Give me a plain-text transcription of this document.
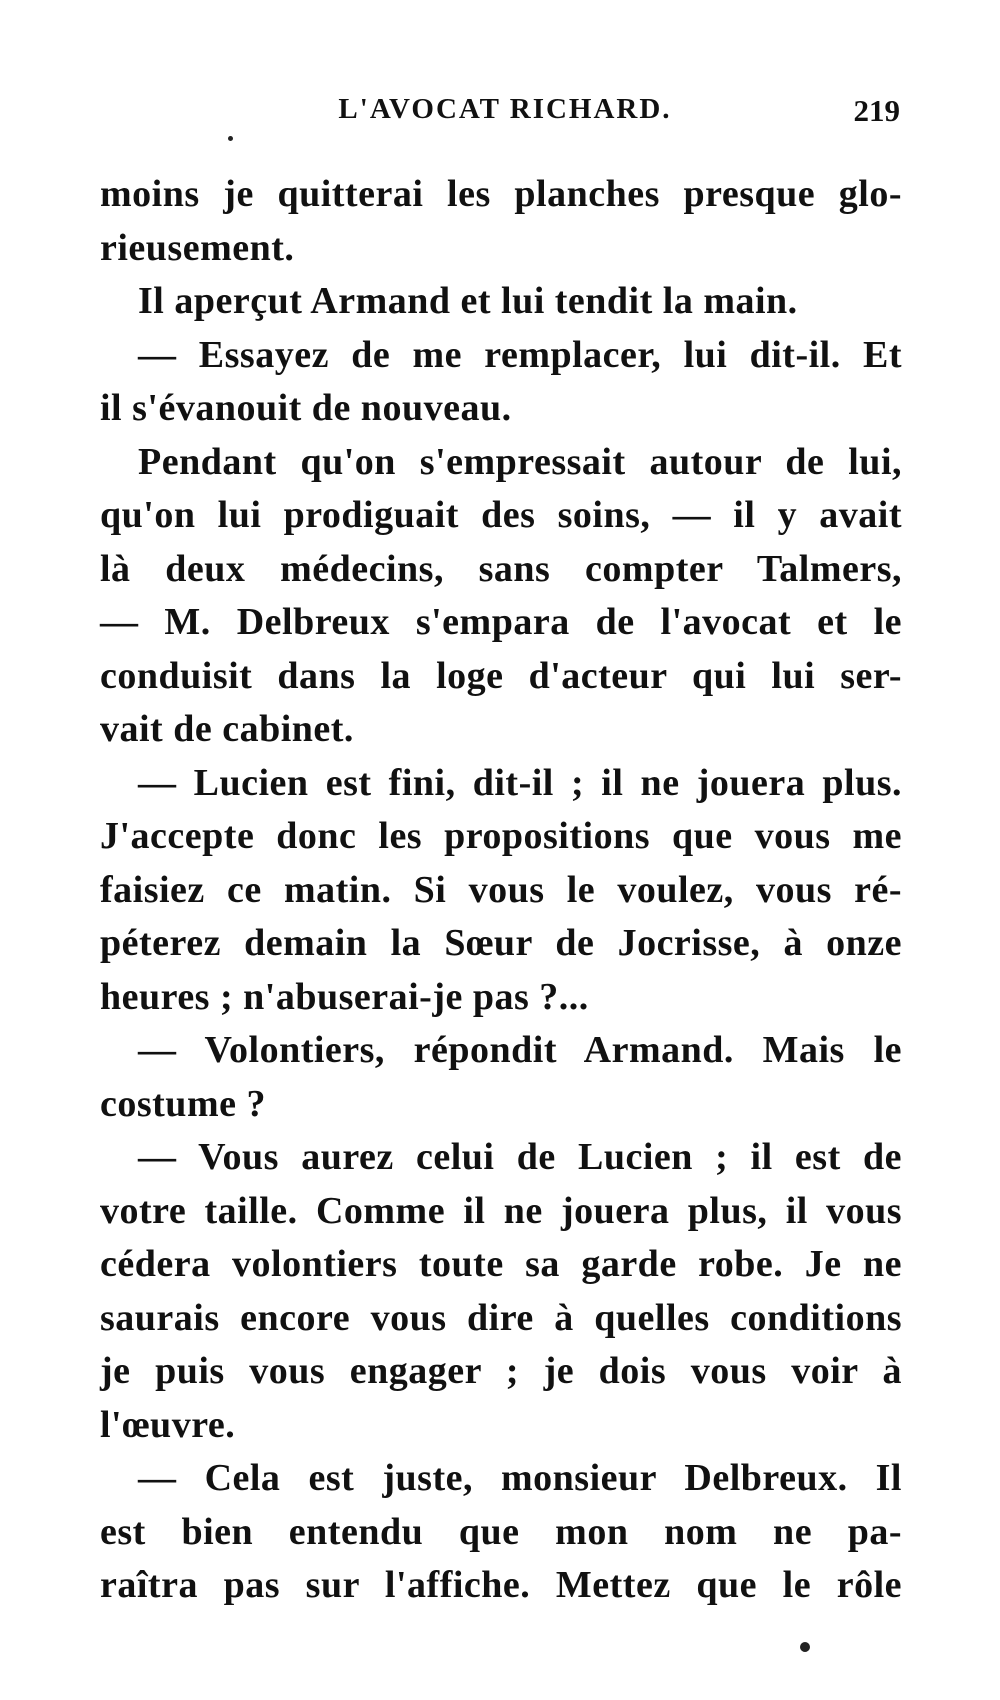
L'AVOCAT RICHARD.	219
moins je quitterai les planches presque glo-
rieusement.
Il aperçut Armand et lui tendit la main.
— Essayez de me remplacer, lui dit-il. Et
il s'évanouit de nouveau.
Pendant qu'on s'empressait autour de lui,
qu'on lui prodiguait des soins, — il y avait
là deux médecins, sans compter Talmers,
— M. Delbreux s'empara de l'avocat et le
conduisit dans la loge d'acteur qui lui ser-
vait de cabinet.
— Lucien est fini, dit-il ; il ne jouera plus.
J'accepte donc les propositions que vous me
faisiez ce matin. Si vous le voulez, vous ré-
péterez demain la Sœur de Jocrisse, à onze
heures ; n'abuserai-je pas ?...
— Volontiers, répondit Armand. Mais le
costume ?
— Vous aurez celui de Lucien ; il est de
votre taille. Comme il ne jouera plus, il vous
cédera volontiers toute sa garde robe. Je ne
saurais encore vous dire à quelles conditions
je puis vous engager ; je dois vous voir à
l'œuvre.
— Cela est juste, monsieur Delbreux. Il
est bien entendu que mon nom ne pa-
raîtra pas sur l'affiche. Mettez que le rôle
